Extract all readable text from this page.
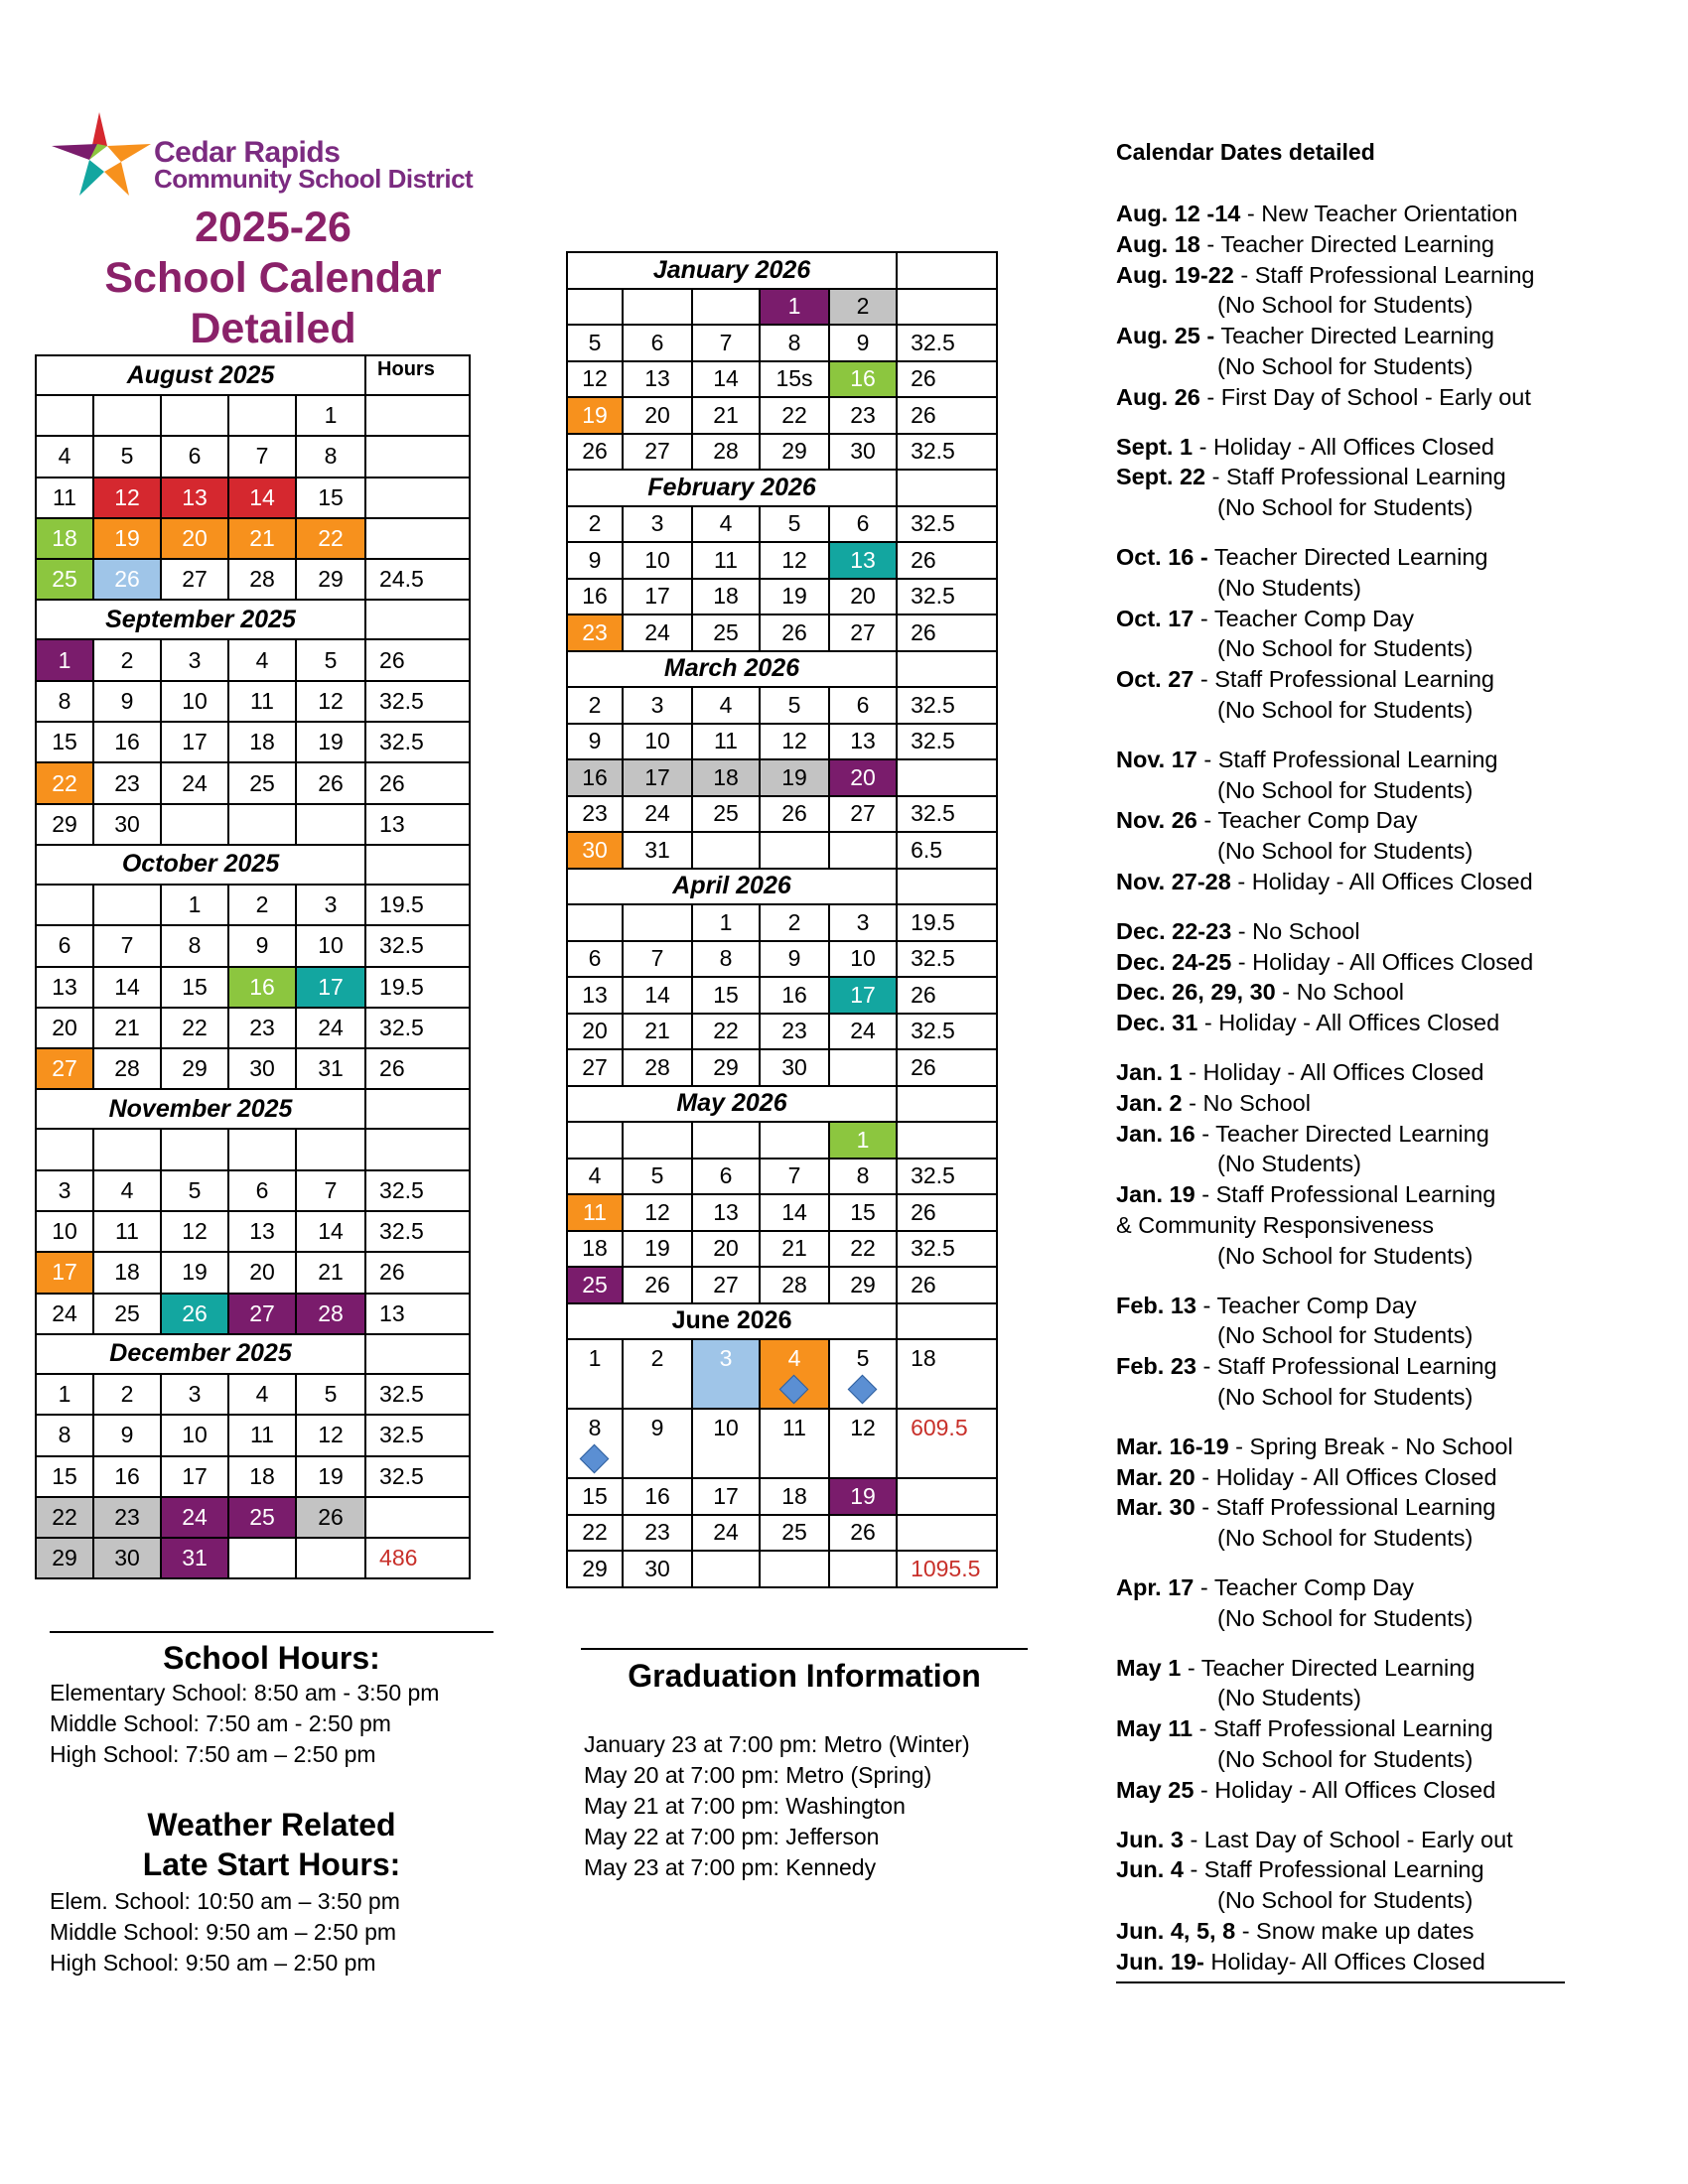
Cedar Rapids
Community School District
2025-26
School Calendar
Detailed
August 2025					Hours
				1	
4	5	6	7	8	
11	12	13	14	15	
18	19	20	21	22	
25	26	27	28	29	24.5
September 2025					
1	2	3	4	5	26
8	9	10	11	12	32.5
15	16	17	18	19	32.5
22	23	24	25	26	26
29	30				13
October 2025					
		1	2	3	19.5
6	7	8	9	10	32.5
13	14	15	16	17	19.5
20	21	22	23	24	32.5
27	28	29	30	31	26
November 2025					

3	4	5	6	7	32.5
10	11	12	13	14	32.5
17	18	19	20	21	26
24	25	26	27	28	13
December 2025					
1	2	3	4	5	32.5
8	9	10	11	12	32.5
15	16	17	18	19	32.5
22	23	24	25	26	
29	30	31			486
January 2026					
			1	2	
5	6	7	8	9	32.5
12	13	14	15s	16	26
19	20	21	22	23	26
26	27	28	29	30	32.5
February 2026					
2	3	4	5	6	32.5
9	10	11	12	13	26
16	17	18	19	20	32.5
23	24	25	26	27	26
March 2026					
2	3	4	5	6	32.5
9	10	11	12	13	32.5
16	17	18	19	20	
23	24	25	26	27	32.5
30	31				6.5
April 2026					
		1	2	3	19.5
6	7	8	9	10	32.5
13	14	15	16	17	26
20	21	22	23	24	32.5
27	28	29	30		26
May 2026					
				1	
4	5	6	7	8	32.5
11	12	13	14	15	26
18	19	20	21	22	32.5
25	26	27	28	29	26
June 2026					
1	2	3	4	5	18
8	9	10	11	12	609.5
15	16	17	18	19	
22	23	24	25	26	
29	30				1095.5
School Hours:
Elementary School: 8:50 am - 3:50 pm
Middle School: 7:50 am - 2:50 pm
High School: 7:50 am – 2:50 pm
Weather Related
Late Start Hours:
Elem. School: 10:50 am – 3:50 pm
Middle School: 9:50 am – 2:50 pm
High School: 9:50 am – 2:50 pm
Graduation Information
January 23 at 7:00 pm: Metro (Winter)
May 20 at 7:00 pm: Metro (Spring)
May 21 at 7:00 pm: Washington
May 22 at 7:00 pm: Jefferson
May 23 at 7:00 pm: Kennedy
Calendar Dates detailed
Aug. 12 -14 - New Teacher Orientation
Aug. 18 - Teacher Directed Learning
Aug. 19-22 - Staff Professional Learning
(No School for Students)
Aug. 25 - Teacher Directed Learning
(No School for Students)
Aug. 26 - First Day of School - Early out
Sept. 1 - Holiday - All Offices Closed
Sept. 22 - Staff Professional Learning
(No School for Students)
Oct. 16 - Teacher Directed Learning
(No Students)
Oct. 17 - Teacher Comp Day
(No School for Students)
Oct. 27 - Staff Professional Learning
(No School for Students)
Nov. 17 - Staff Professional Learning
(No School for Students)
Nov. 26 - Teacher Comp Day
(No School for Students)
Nov. 27-28 - Holiday - All Offices Closed
Dec. 22-23 - No School
Dec. 24-25 - Holiday - All Offices Closed
Dec. 26, 29, 30 - No School
Dec. 31 - Holiday - All Offices Closed
Jan. 1 - Holiday - All Offices Closed
Jan. 2 - No School
Jan. 16 - Teacher Directed Learning
(No Students)
Jan. 19 - Staff Professional Learning
& Community Responsiveness
(No School for Students)
Feb. 13 - Teacher Comp Day
(No School for Students)
Feb. 23 - Staff Professional Learning
(No School for Students)
Mar. 16-19 - Spring Break - No School
Mar. 20 - Holiday - All Offices Closed
Mar. 30 - Staff Professional Learning
(No School for Students)
Apr. 17 - Teacher Comp Day
(No School for Students)
May 1 - Teacher Directed Learning
(No Students)
May 11 - Staff Professional Learning
(No School for Students)
May 25 - Holiday - All Offices Closed
Jun. 3 - Last Day of School - Early out
Jun. 4 - Staff Professional Learning
(No School for Students)
Jun. 4, 5, 8 - Snow make up dates
Jun. 19- Holiday- All Offices Closed
